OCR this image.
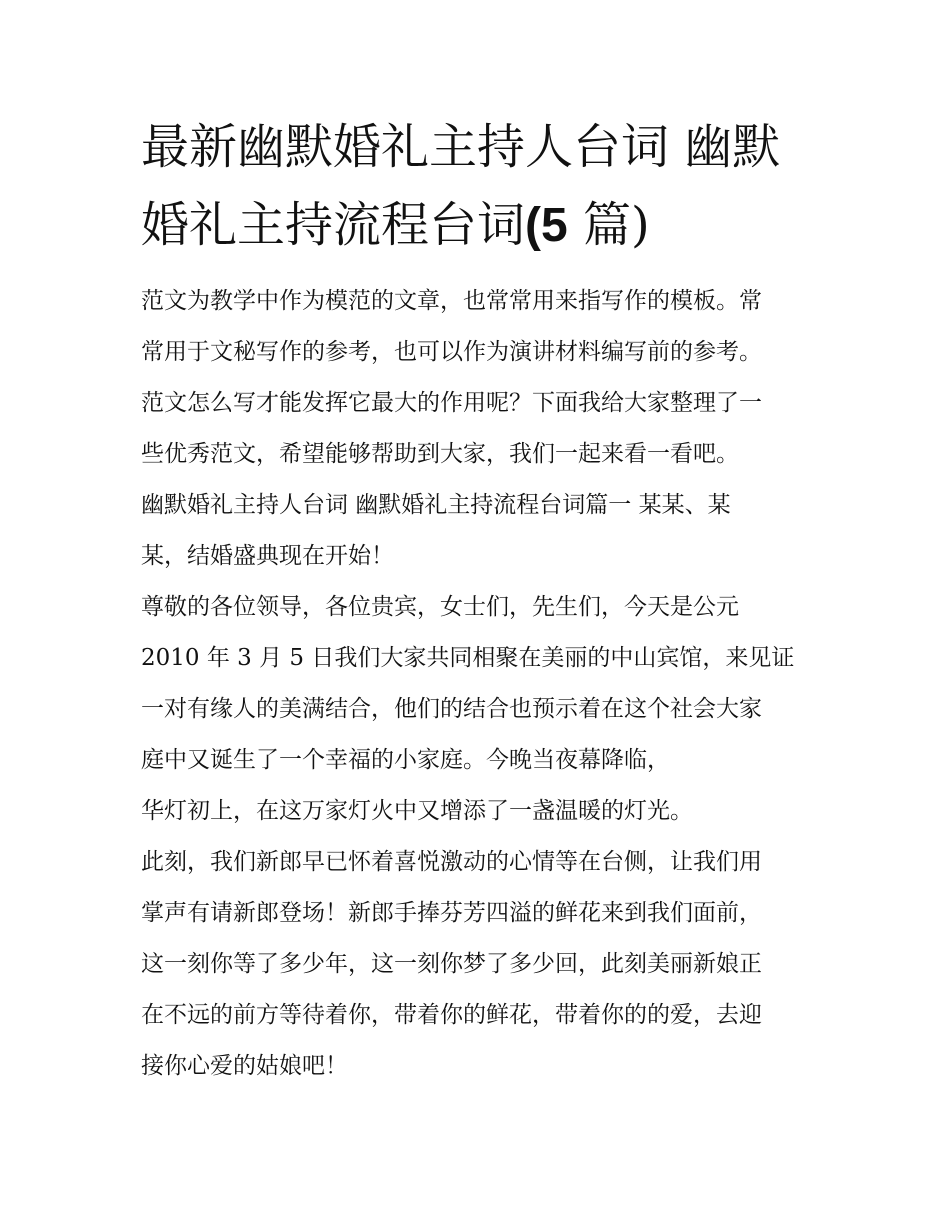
最新幽默婚礼主持人台词 幽默
婚礼主持流程台词(5 篇)
范文为教学中作为模范的文章，也常常用来指写作的模板。常
常用于文秘写作的参考，也可以作为演讲材料编写前的参考。
范文怎么写才能发挥它最大的作用呢？下面我给大家整理了一
些优秀范文，希望能够帮助到大家，我们一起来看一看吧。
幽默婚礼主持人台词 幽默婚礼主持流程台词篇一 某某、某
某，结婚盛典现在开始！
尊敬的各位领导，各位贵宾，女士们，先生们，今天是公元
2010 年 3 月 5 日我们大家共同相聚在美丽的中山宾馆，来见证
一对有缘人的美满结合，他们的结合也预示着在这个社会大家
庭中又诞生了一个幸福的小家庭。今晚当夜幕降临，
华灯初上，在这万家灯火中又增添了一盏温暖的灯光。
此刻，我们新郎早已怀着喜悦激动的心情等在台侧，让我们用
掌声有请新郎登场！新郎手捧芬芳四溢的鲜花来到我们面前，
这一刻你等了多少年，这一刻你梦了多少回，此刻美丽新娘正
在不远的前方等待着你，带着你的鲜花，带着你的的爱，去迎
接你心爱的姑娘吧！
